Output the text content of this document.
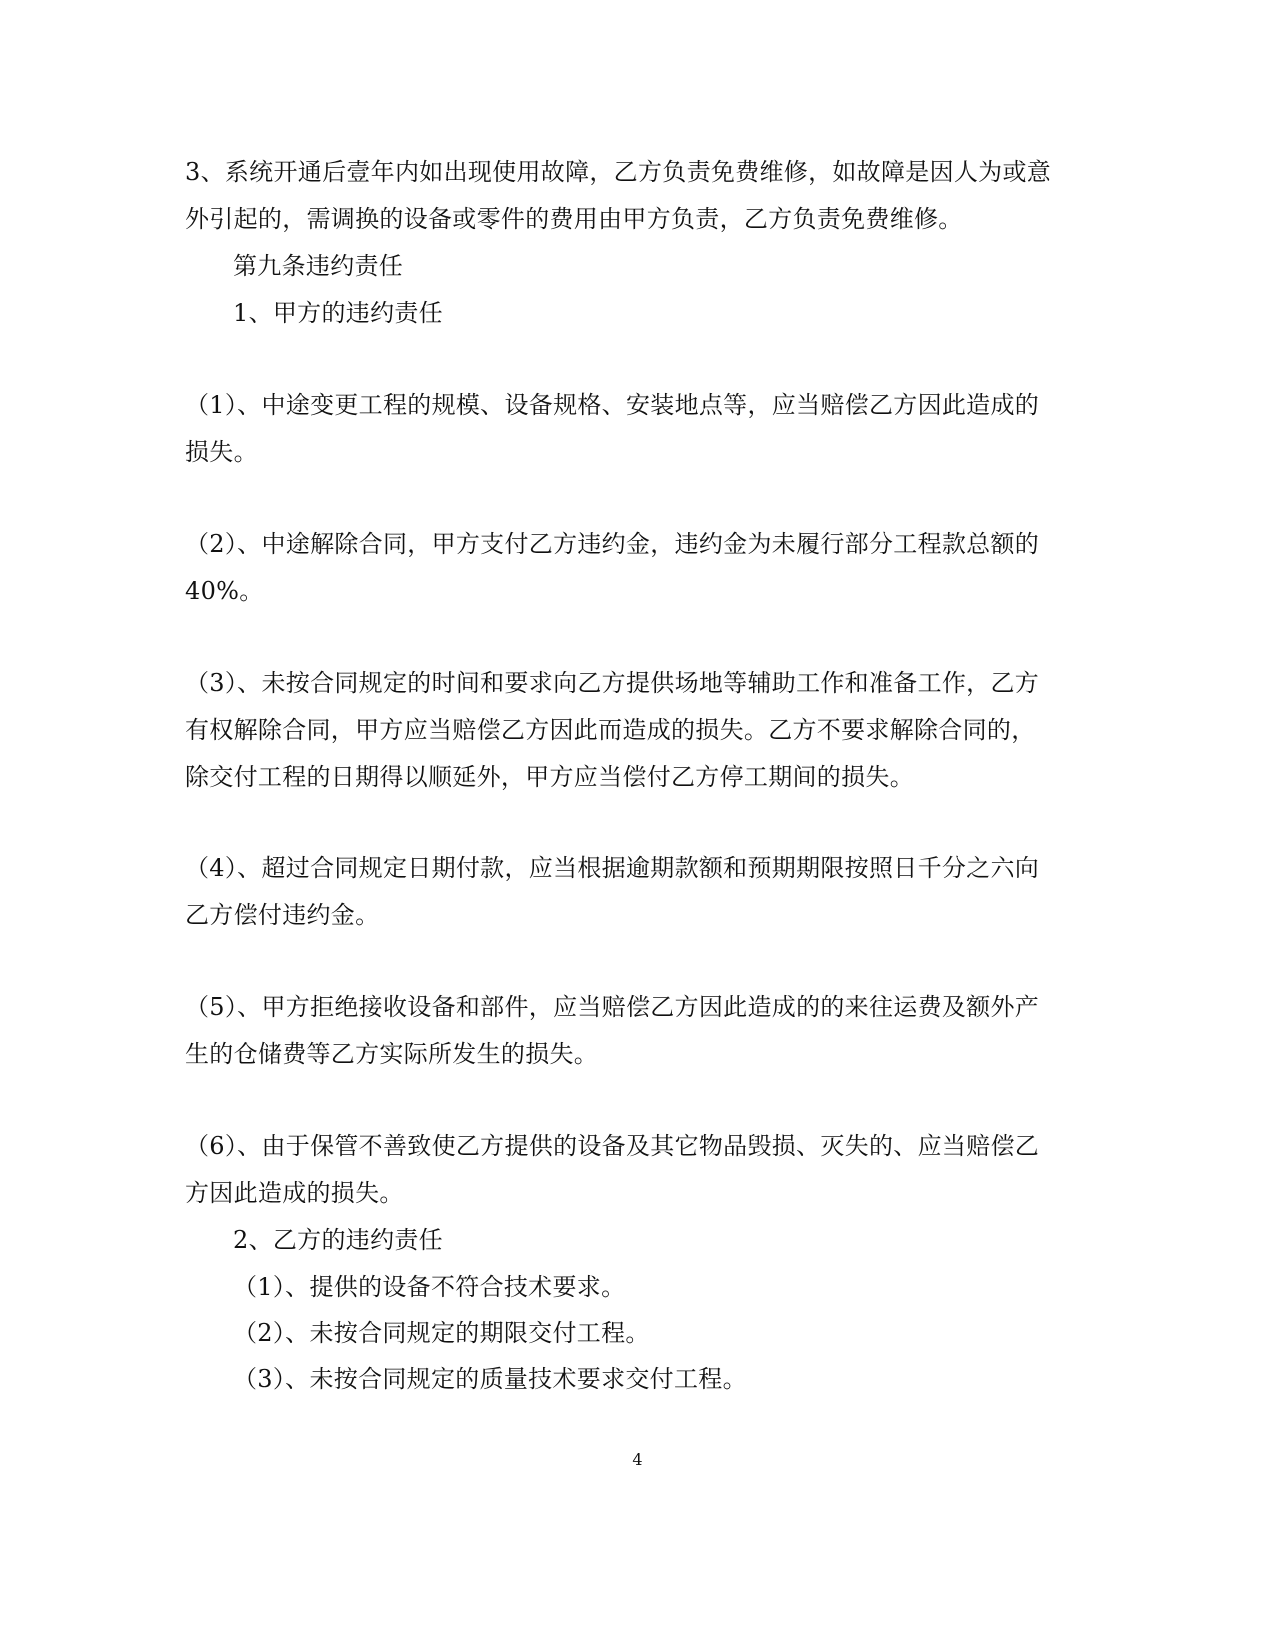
3、系统开通后壹年内如出现使用故障，乙方负责免费维修，如故障是因人为或意
外引起的，需调换的设备或零件的费用由甲方负责，乙方负责免费维修。
第九条违约责任
1、甲方的违约责任
（1）、中途变更工程的规模、设备规格、安装地点等，应当赔偿乙方因此造成的
损失。
（2）、中途解除合同，甲方支付乙方违约金，违约金为未履行部分工程款总额的
40%。
（3）、未按合同规定的时间和要求向乙方提供场地等辅助工作和准备工作，乙方
有权解除合同，甲方应当赔偿乙方因此而造成的损失。乙方不要求解除合同的，
除交付工程的日期得以顺延外，甲方应当偿付乙方停工期间的损失。
（4）、超过合同规定日期付款，应当根据逾期款额和预期期限按照日千分之六向
乙方偿付违约金。
（5）、甲方拒绝接收设备和部件，应当赔偿乙方因此造成的的来往运费及额外产
生的仓储费等乙方实际所发生的损失。
（6）、由于保管不善致使乙方提供的设备及其它物品毁损、灭失的、应当赔偿乙
方因此造成的损失。
2、乙方的违约责任
（1）、提供的设备不符合技术要求。
（2）、未按合同规定的期限交付工程。
（3）、未按合同规定的质量技术要求交付工程。
4
